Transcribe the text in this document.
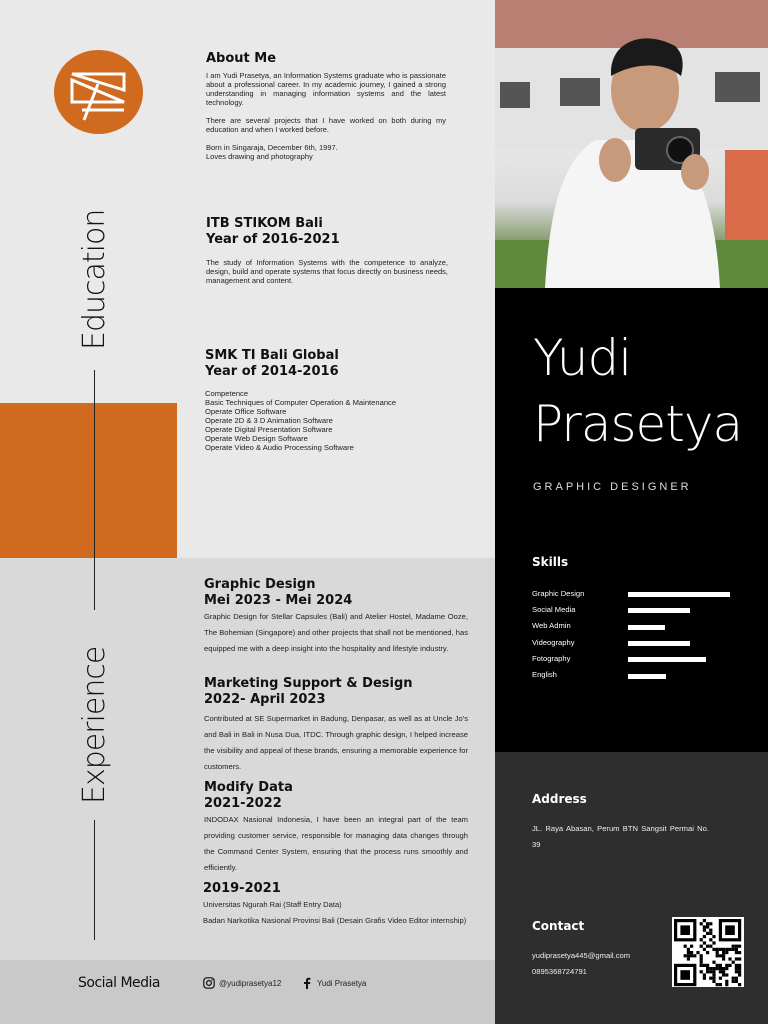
About Me
I am Yudi Prasetya, an Information Systems graduate who is passionate about a professional career. In my academic journey, I gained a strong understanding in managing information systems and the latest technology.
There are several projects that I have worked on both during my education and when I worked before.
Born in Singaraja, December 6th, 1997.
Loves drawing and photography
Education	ITB STIKOM Bali
Year of 2016-2021
The study of Information Systems with the competence to analyze, design, build and operate systems that focus directly on business needs, management and content.
SMK TI Bali Global
Year of 2014-2016
Competence
Basic Techniques of Computer Operation & Maintenance
Operate Office Software
Operate 2D & 3 D Animation Software
Operate Digital Presentation Software
Operate Web Design Software
Operate Video & Audio Processing Software
Experience
Graphic Design
Mei 2023 - Mei 2024
Graphic Design for Stellar Capsules (Bali) and Atelier Hostel, Madame Ooze, The Bohemian (Singapore) and other projects that shall not be mentioned, has equipped me with a deep insight into the hospitality and lifestyle industry.
Marketing Support & Design
2022- April 2023
Contributed at SE Supermarket in Badung, Denpasar, as well as at Uncle Jo's and Bali in Bali in Nusa Dua, ITDC. Through graphic design, I helped increase the visibility and appeal of these brands, ensuring a memorable experience for customers.
Modify Data
2021-2022
INDODAX Nasional Indonesia, I have been an integral part of the team providing customer service, responsible for managing data changes through the Command Center System, ensuring that the process runs smoothly and efficiently.
2019-2021
Universitas Ngurah Rai (Staff Entry Data)
Badan Narkotika Nasional Provinsi Bali (Desain Grafis Video Editor internship)
Social Media	@yudiprasetya12	Yudi Prasetya
Yudi
Prasetya
GRAPHIC DESIGNER
Skills
Graphic Design
Social Media
Web Admin
Videography
Fotography
English
Address
JL. Raya Abasan, Perum BTN Sangsit Permai No. 39
Contact
yudiprasetya445@gmail.com
0895368724791
